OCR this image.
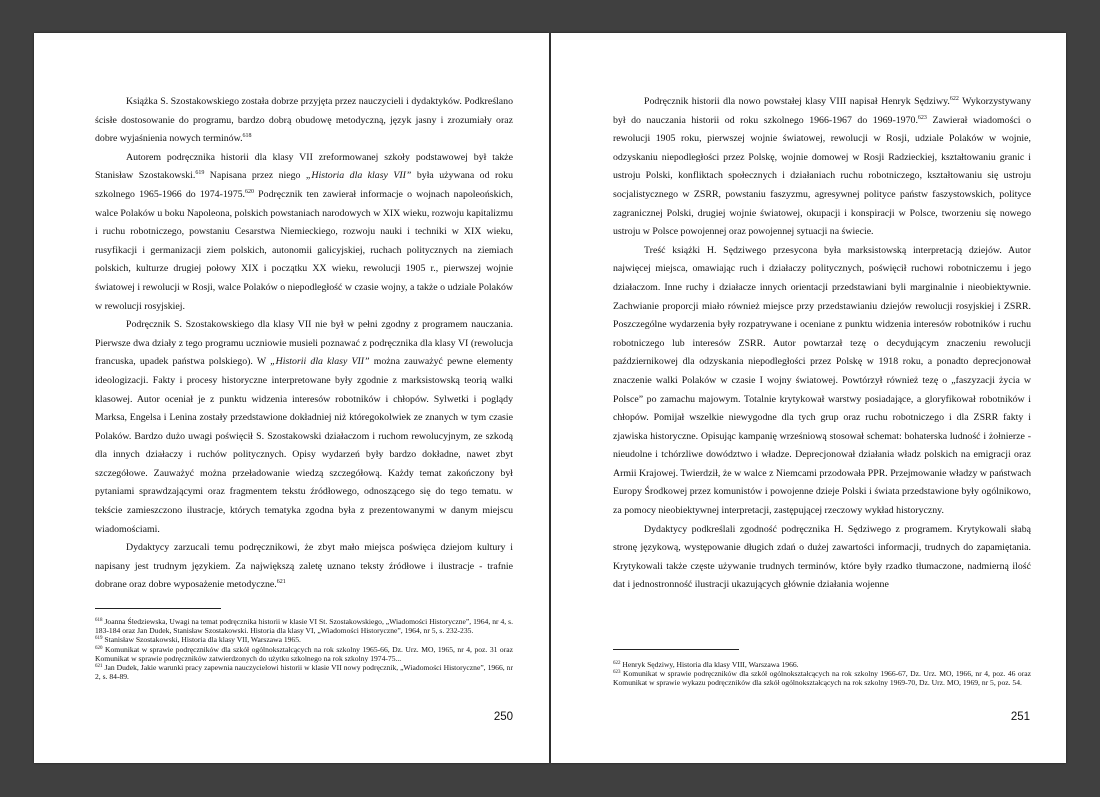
Książka S. Szostakowskiego została dobrze przyjęta przez nauczycieli i dydaktyków. Podkreślano ścisłe dostosowanie do programu, bardzo dobrą obudowę metodyczną, język jasny i zrozumiały oraz dobre wyjaśnienia nowych terminów.$^{618}$

Autorem podręcznika historii dla klasy VII zreformowanej szkoły podstawowej był także Stanisław Szostakowski.$^{619}$ Napisana przez niego „Historia dla klasy VII” była używana od roku szkolnego 1965-1966 do 1974-1975.$^{620}$ Podręcznik ten zawierał informacje o wojnach napoleońskich, walce Polaków u boku Napoleona, polskich powstaniach narodowych w XIX wieku, rozwoju kapitalizmu i ruchu robotniczego, powstaniu Cesarstwa Niemieckiego, rozwoju nauki i techniki w XIX wieku, rusyfikacji i germanizacji ziem polskich, autonomii galicyjskiej, ruchach politycznych na ziemiach polskich, kulturze drugiej połowy XIX i początku XX wieku, rewolucji 1905 r., pierwszej wojnie światowej i rewolucji w Rosji, walce Polaków o niepodległość w czasie wojny, a także o udziale Polaków w rewolucji rosyjskiej.

Podręcznik S. Szostakowskiego dla klasy VII nie był w pełni zgodny z programem nauczania. Pierwsze dwa działy z tego programu uczniowie musieli poznawać z podręcznika dla klasy VI (rewolucja francuska, upadek państwa polskiego). W „Historii dla klasy VII” można zauważyć pewne elementy ideologizacji. Fakty i procesy historyczne interpretowane były zgodnie z marksistowską teorią walki klasowej. Autor oceniał je z punktu widzenia interesów robotników i chłopów. Sylwetki i poglądy Marksa, Engelsa i Lenina zostały przedstawione dokładniej niż któregokolwiek ze znanych w tym czasie Polaków. Bardzo dużo uwagi poświęcił S. Szostakowski działaczom i ruchom rewolucyjnym, ze szkodą dla innych działaczy i ruchów politycznych. Opisy wydarzeń były bardzo dokładne, nawet zbyt szczegółowe. Zauważyć można przeładowanie wiedzą szczegółową. Każdy temat zakończony był pytaniami sprawdzającymi oraz fragmentem tekstu źródłowego, odnoszącego się do tego tematu. w tekście zamieszczono ilustracje, których tematyka zgodna była z prezentowanymi w danym miejscu wiadomościami.

Dydaktycy zarzucali temu podręcznikowi, że zbyt mało miejsca poświęca dziejom kultury i napisany jest trudnym językiem. Za największą zaletę uznano teksty źródłowe i ilustracje - trafnie dobrane oraz dobre wyposażenie metodyczne.$^{621}$

$^{618}$ Joanna Śledziewska, Uwagi na temat podręcznika historii w klasie VI St. Szostakowskiego, „Wiadomości Historyczne”, 1964, nr 4, s. 183-184 oraz Jan Dudek, Stanisław Szostakowski. Historia dla klasy VI, „Wiadomości Historyczne”, 1964, nr 5, s. 232-235.

$^{619}$ Stanisław Szostakowski, Historia dla klasy VII, Warszawa 1965.

$^{620}$ Komunikat w sprawie podręczników dla szkół ogólnokształcących na rok szkolny 1965-66, Dz. Urz. MO, 1965, nr 4, poz. 31 oraz Komunikat w sprawie podręczników zatwierdzonych do użytku szkolnego na rok szkolny 1974-75...

$^{621}$ Jan Dudek, Jakie warunki pracy zapewnia nauczycielowi historii w klasie VII nowy podręcznik, „Wiadomości Historyczne”, 1966, nr 2, s. 84-89.

250

Podręcznik historii dla nowo powstałej klasy VIII napisał Henryk Sędziwy.$^{622}$ Wykorzystywany był do nauczania historii od roku szkolnego 1966-1967 do 1969-1970.$^{623}$ Zawierał wiadomości o rewolucji 1905 roku, pierwszej wojnie światowej, rewolucji w Rosji, udziale Polaków w wojnie, odzyskaniu niepodległości przez Polskę, wojnie domowej w Rosji Radzieckiej, kształtowaniu granic i ustroju Polski, konfliktach społecznych i działaniach ruchu robotniczego, kształtowaniu się ustroju socjalistycznego w ZSRR, powstaniu faszyzmu, agresywnej polityce państw faszystowskich, polityce zagranicznej Polski, drugiej wojnie światowej, okupacji i konspiracji w Polsce, tworzeniu się nowego ustroju w Polsce powojennej oraz powojennej sytuacji na świecie.

Treść książki H. Sędziwego przesycona była marksistowską interpretacją dziejów. Autor najwięcej miejsca, omawiając ruch i działaczy politycznych, poświęcił ruchowi robotniczemu i jego działaczom. Inne ruchy i działacze innych orientacji przedstawiani byli marginalnie i nieobiektywnie. Zachwianie proporcji miało również miejsce przy przedstawianiu dziejów rewolucji rosyjskiej i ZSRR. Poszczególne wydarzenia były rozpatrywane i oceniane z punktu widzenia interesów robotników i ruchu robotniczego lub interesów ZSRR. Autor powtarzał tezę o decydującym znaczeniu rewolucji październikowej dla odzyskania niepodległości przez Polskę w 1918 roku, a ponadto deprecjonował znaczenie walki Polaków w czasie I wojny światowej. Powtórzył również tezę o „faszyzacji życia w Polsce” po zamachu majowym. Totalnie krytykował warstwy posiadające, a gloryfikował robotników i chłopów. Pomijał wszelkie niewygodne dla tych grup oraz ruchu robotniczego i dla ZSRR fakty i zjawiska historyczne. Opisując kampanię wrześniową stosował schemat: bohaterska ludność i żołnierze - nieudolne i tchórzliwe dowództwo i władze. Deprecjonował działania władz polskich na emigracji oraz Armii Krajowej. Twierdził, że w walce z Niemcami przodowała PPR. Przejmowanie władzy w państwach Europy Środkowej przez komunistów i powojenne dzieje Polski i świata przedstawione były ogólnikowo, za pomocy nieobiektywnej interpretacji, zastępującej rzeczowy wykład historyczny.

Dydaktycy podkreślali zgodność podręcznika H. Sędziwego z programem. Krytykowali słabą stronę językową, występowanie długich zdań o dużej zawartości informacji, trudnych do zapamiętania. Krytykowali także częste używanie trudnych terminów, które były rzadko tłumaczone, nadmierną ilość dat i jednostronność ilustracji ukazujących głównie działania wojenne

$^{622}$ Henryk Sędziwy, Historia dla klasy VIII, Warszawa 1966.

$^{623}$ Komunikat w sprawie podręczników dla szkół ogólnokształcących na rok szkolny 1966-67, Dz. Urz. MO, 1966, nr 4, poz. 46 oraz Komunikat w sprawie wykazu podręczników dla szkół ogólnokształcących na rok szkolny 1969-70, Dz. Urz. MO, 1969, nr 5, poz. 54.

251
